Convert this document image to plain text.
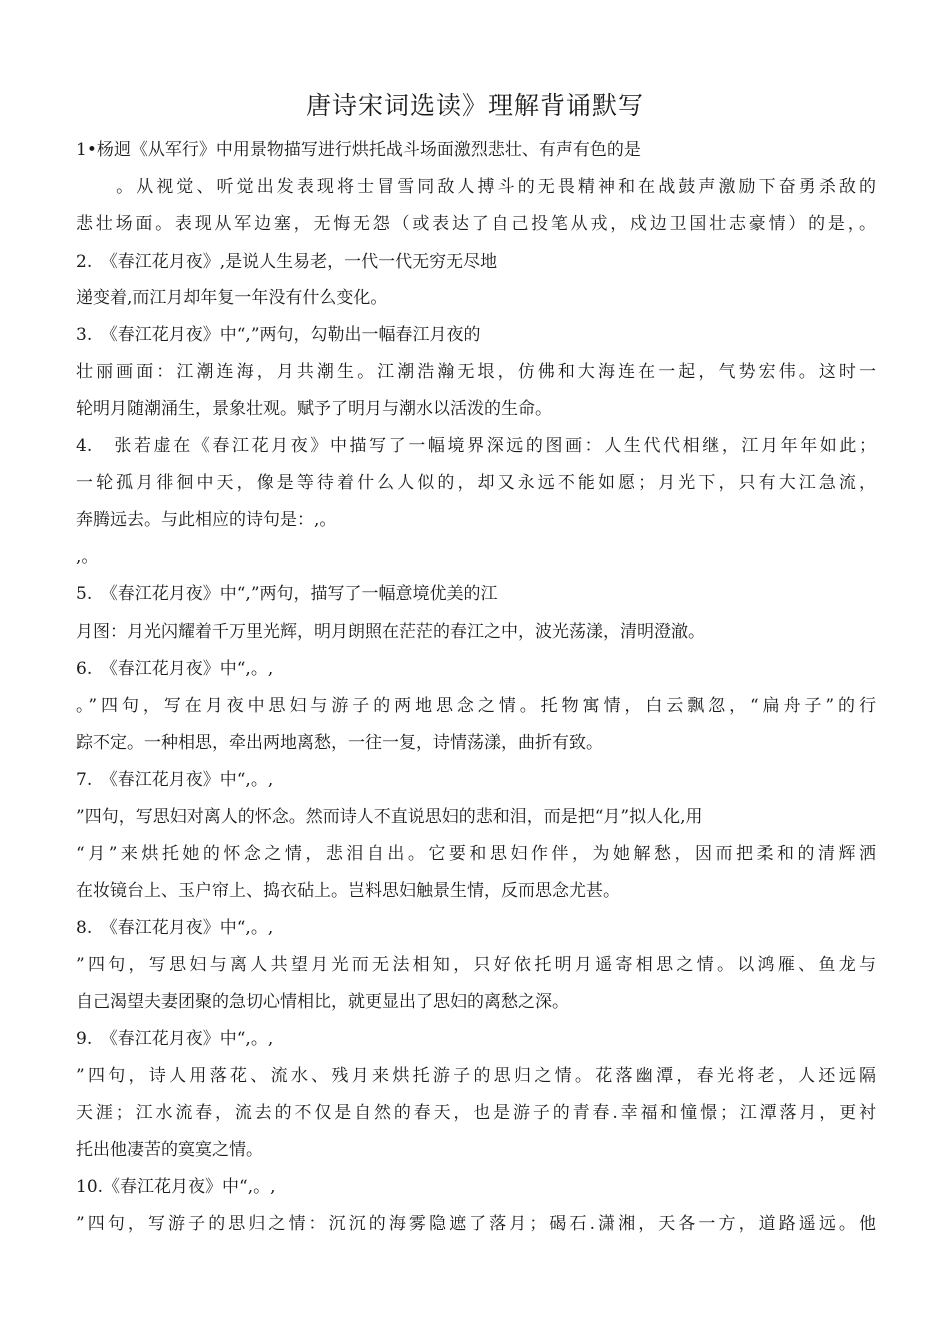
唐诗宋词选读》理解背诵默写
1•杨迥《从军行》中用景物描写进行烘托战斗场面激烈悲壮、有声有色的是
　　。从视觉、听觉出发表现将士冒雪同敌人搏斗的无畏精神和在战鼓声激励下奋勇杀敌的
悲壮场面。表现从军边塞，无悔无怨（或表达了自己投笔从戎，戍边卫国壮志豪情）的是，。
2.　《春江花月夜》,是说人生易老，一代一代无穷无尽地
递变着,而江月却年复一年没有什么变化。
3.　《春江花月夜》中“,”两句，勾勒出一幅春江月夜的
壮丽画面：江潮连海，月共潮生。江潮浩瀚无垠，仿佛和大海连在一起，气势宏伟。这时一
轮明月随潮涌生，景象壮观。赋予了明月与潮水以活泼的生命。
4.　张若虚在《春江花月夜》中描写了一幅境界深远的图画：人生代代相继，江月年年如此；
一轮孤月徘徊中天，像是等待着什么人似的，却又永远不能如愿；月光下，只有大江急流，
奔腾远去。与此相应的诗句是：,。
,。
5.　《春江花月夜》中“,”两句，描写了一幅意境优美的江
月图：月光闪耀着千万里光辉，明月朗照在茫茫的春江之中，波光荡漾，清明澄澈。
6.　《春江花月夜》中“,。,
。”四句，写在月夜中思妇与游子的两地思念之情。托物寓情，白云飘忽，“扁舟子”的行
踪不定。一种相思，牵出两地离愁，一往一复，诗情荡漾，曲折有致。
7.　《春江花月夜》中“,。,
”四句，写思妇对离人的怀念。然而诗人不直说思妇的悲和泪，而是把“月”拟人化,用
“月”来烘托她的怀念之情，悲泪自出。它要和思妇作伴，为她解愁，因而把柔和的清辉洒
在妆镜台上、玉户帘上、捣衣砧上。岂料思妇触景生情，反而思念尤甚。
8.　《春江花月夜》中“,。,
”四句，写思妇与离人共望月光而无法相知，只好依托明月遥寄相思之情。以鸿雁、鱼龙与
自己渴望夫妻团聚的急切心情相比，就更显出了思妇的离愁之深。
9.　《春江花月夜》中“,。,
”四句，诗人用落花、流水、残月来烘托游子的思归之情。花落幽潭，春光将老，人还远隔
天涯；江水流春，流去的不仅是自然的春天，也是游子的青春.幸福和憧憬；江潭落月，更衬
托出他凄苦的寞寞之情。
10.《春江花月夜》中“,。,
”四句，写游子的思归之情：沉沉的海雾隐遮了落月；碣石.潇湘，天各一方，道路遥远。他
